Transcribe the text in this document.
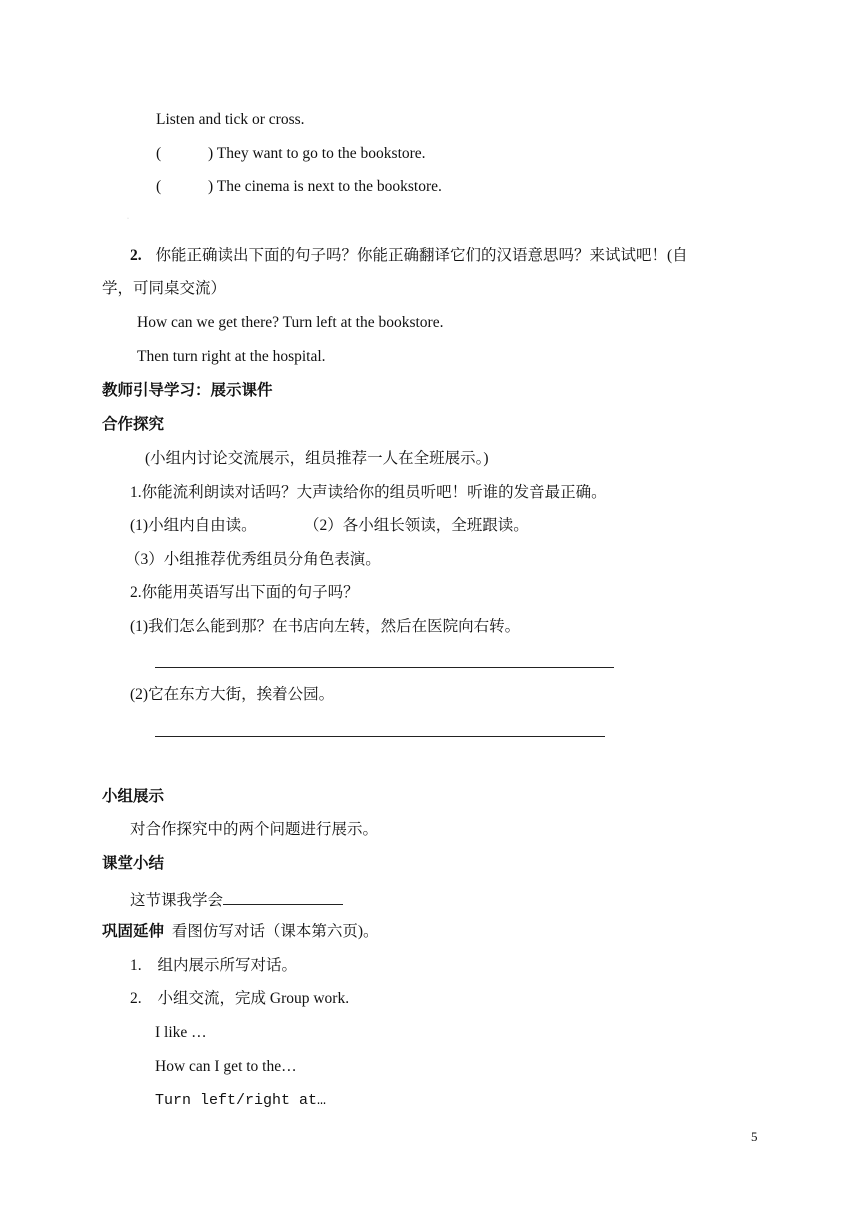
Listen and tick or cross.
(	) They want to go to the bookstore.
(	) The cinema is next to the bookstore.
·
2. 你能正确读出下面的句子吗？你能正确翻译它们的汉语意思吗？来试试吧！(自
学，可同桌交流）
How can we get there? Turn left at the bookstore.
Then turn right at the hospital.
教师引导学习：展示课件
合作探究
(小组内讨论交流展示，组员推荐一人在全班展示。)
1.你能流利朗读对话吗？大声读给你的组员听吧！听谁的发音最正确。
(1)小组内自由读。	（2）各小组长领读，全班跟读。
（3）小组推荐优秀组员分角色表演。
2.你能用英语写出下面的句子吗？
(1)我们怎么能到那？在书店向左转，然后在医院向右转。
(2)它在东方大街，挨着公园。
小组展示
对合作探究中的两个问题进行展示。
课堂小结
这节课我学会
巩固延伸 看图仿写对话（课本第六页)。
1. 组内展示所写对话。
2. 小组交流，完成 Group work.
I like …
How can I get to the…
Turn left/right at…
5
